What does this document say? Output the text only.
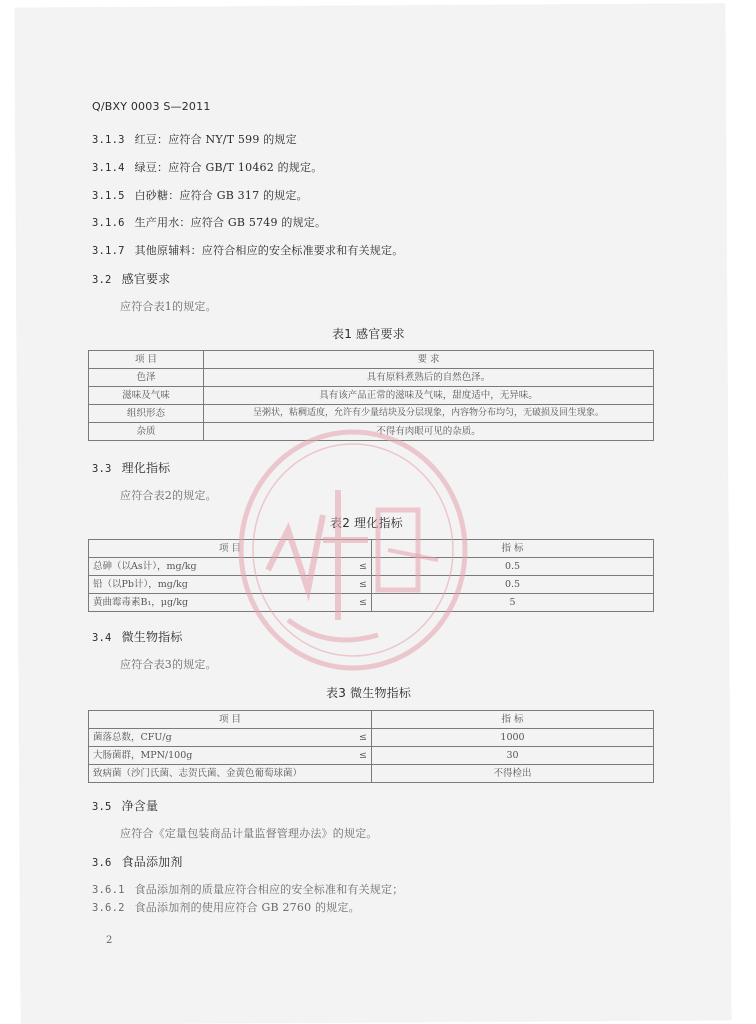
Q/BXY 0003 S—2011
3.1.3 红豆：应符合 NY/T 599 的规定
3.1.4 绿豆：应符合 GB/T 10462 的规定。
3.1.5 白砂糖：应符合 GB 317 的规定。
3.1.6 生产用水：应符合 GB 5749 的规定。
3.1.7 其他原辅料：应符合相应的安全标准要求和有关规定。
3.2 感官要求
应符合表1的规定。
表1 感官要求
项 目	要 求
色泽	具有原料煮熟后的自然色泽。
滋味及气味	具有该产品正常的滋味及气味，甜度适中，无异味。
组织形态	呈粥状，粘稠适度，允许有少量结块及分层现象，内容物分布均匀，无破损及回生现象。
杂质	不得有肉眼可见的杂质。
3.3 理化指标
应符合表2的规定。
表2 理化指标
项 目	指 标
总砷（以As计），mg/kg ≤	0.5
铅（以Pb计），mg/kg ≤	0.5
黄曲霉毒素B₁，μg/kg ≤	5
3.4 微生物指标
应符合表3的规定。
表3 微生物指标
项 目	指 标
菌落总数，CFU/g ≤	1000
大肠菌群，MPN/100g ≤	30
致病菌（沙门氏菌、志贺氏菌、金黄色葡萄球菌）	不得检出
3.5 净含量
应符合《定量包装商品计量监督管理办法》的规定。
3.6 食品添加剂
3.6.1 食品添加剂的质量应符合相应的安全标准和有关规定；
3.6.2 食品添加剂的使用应符合 GB 2760 的规定。
2
